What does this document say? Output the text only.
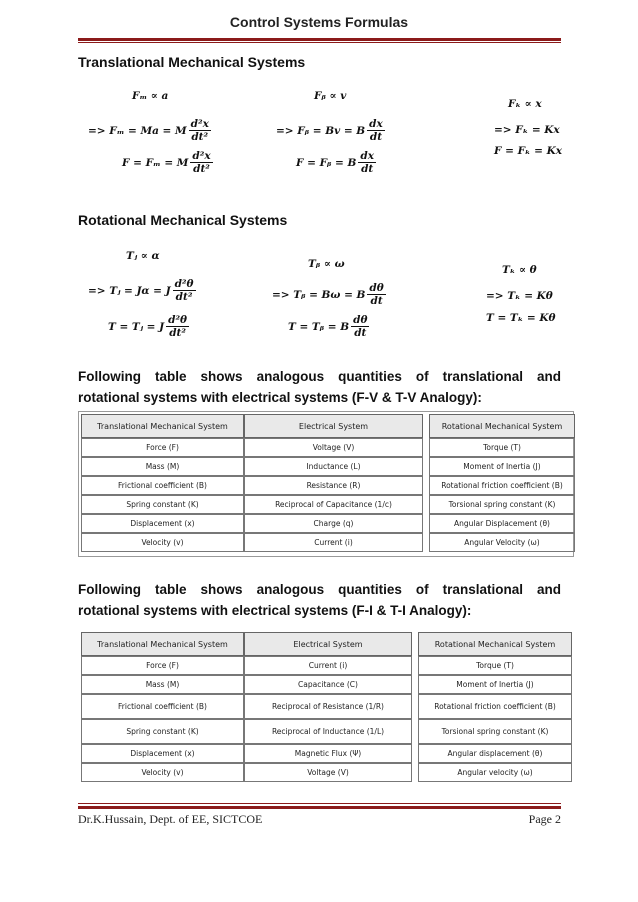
Control Systems Formulas
Translational Mechanical Systems
Fₘ ∝ a
=> Fₘ = Ma = M $\frac{\text{d²x}}{\text{dt²}}$
F = Fₘ = M $\frac{\text{d²x}}{\text{dt²}}$
Fᵦ ∝ v
=> Fᵦ = Bv = B $\frac{dx}{dt}$
F = Fᵦ = B $\frac{dx}{dt}$
Fₖ ∝ x
=> Fₖ = Kx
F = Fₖ = Kx
Rotational Mechanical Systems
Tⱼ ∝ α
=> Tⱼ = Jα = J $\frac{\text{d²θ}}{\text{dt²}}$
T = Tⱼ = J $\frac{\text{d²θ}}{\text{dt²}}$
Tᵦ ∝ ω
=> Tᵦ = Bω = B $\frac{d\theta}{dt}$
T = Tᵦ = B $\frac{d\theta}{dt}$
Tₖ ∝ θ
=> Tₖ = Kθ
T = Tₖ = Kθ
Following table shows analogous quantities of translational and
rotational systems with electrical systems (F-V & T-V Analogy):
Translational Mechanical System	Electrical System		Rotational Mechanical System
Force (F)	Voltage (V)		Torque (T)
Mass (M)	Inductance (L)		Moment of Inertia (J)
Frictional coefficient (B)	Resistance (R)		Rotational friction coefficient (B)
Spring constant (K)	Reciprocal of Capacitance (1/c)		Torsional spring constant (K)
Displacement (x)	Charge (q)		Angular Displacement (θ)
Velocity (v)	Current (i)		Angular Velocity (ω)
Following table shows analogous quantities of translational and
rotational systems with electrical systems (F-I & T-I Analogy):
Translational Mechanical System	Electrical System		Rotational Mechanical System
Force (F)	Current (i)		Torque (T)
Mass (M)	Capacitance (C)		Moment of Inertia (J)
Frictional coefficient (B)	Reciprocal of Resistance (1/R)		Rotational friction coefficient (B)
Spring constant (K)	Reciprocal of Inductance (1/L)		Torsional spring constant (K)
Displacement (x)	Magnetic Flux (Ψ)		Angular displacement (θ)
Velocity (v)	Voltage (V)		Angular velocity (ω)
Dr.K.Hussain, Dept. of EE, SICTCOE	Page 2
